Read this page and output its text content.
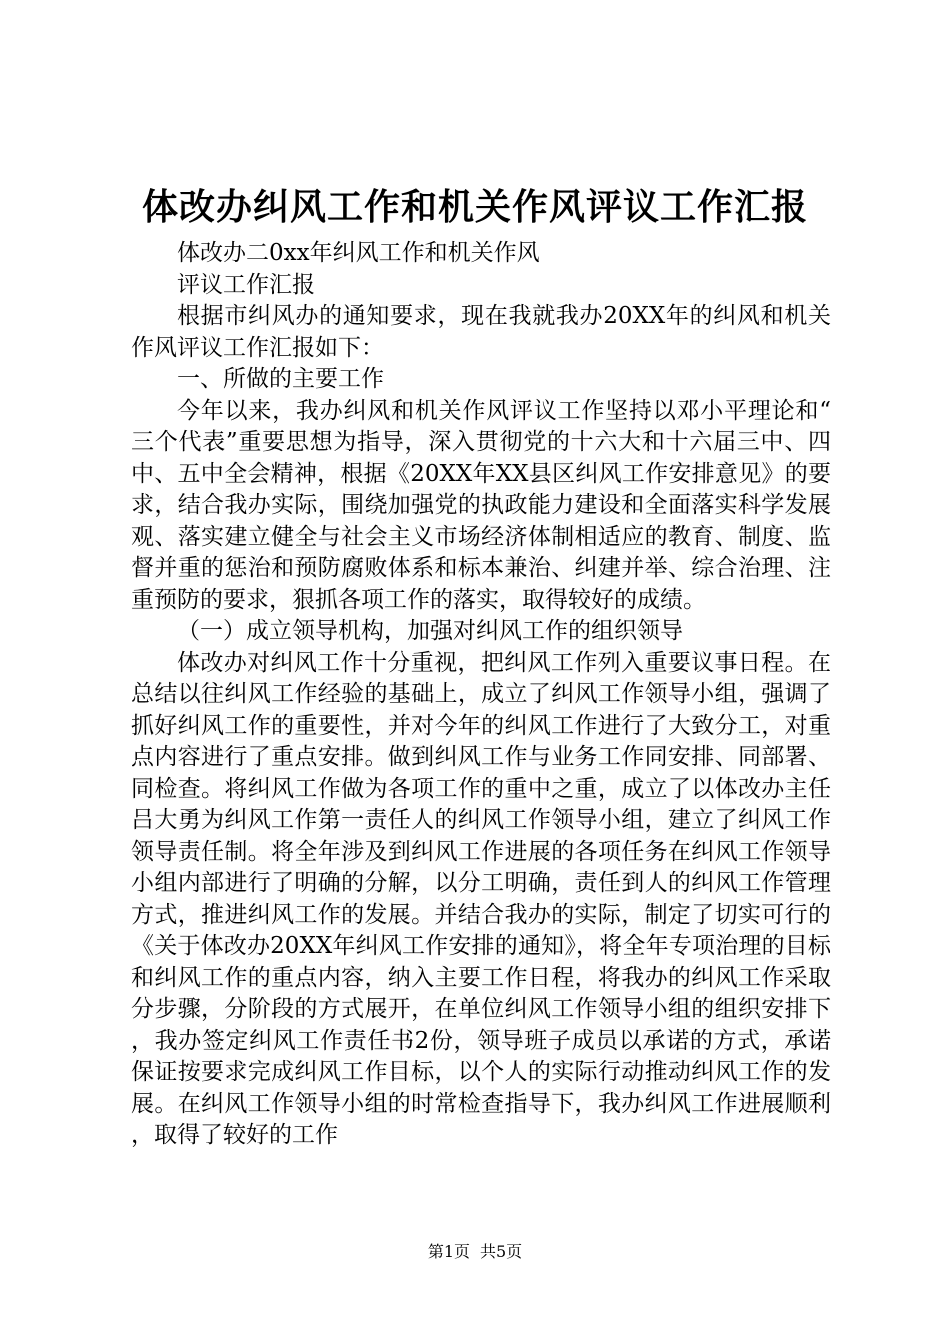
体改办纠风工作和机关作风评议工作汇报

体改办二0xx年纠风工作和机关作风

评议工作汇报

根据市纠风办的通知要求，现在我就我办20XX年的纠风和机关作风评议工作汇报如下：

一、所做的主要工作

今年以来，我办纠风和机关作风评议工作坚持以邓小平理论和“三个代表”重要思想为指导，深入贯彻党的十六大和十六届三中、四中、五中全会精神，根据《20XX年XX县区纠风工作安排意见》的要求，结合我办实际，围绕加强党的执政能力建设和全面落实科学发展观、落实建立健全与社会主义市场经济体制相适应的教育、制度、监督并重的惩治和预防腐败体系和标本兼治、纠建并举、综合治理、注重预防的要求，狠抓各项工作的落实，取得较好的成绩。

（一）成立领导机构，加强对纠风工作的组织领导

体改办对纠风工作十分重视，把纠风工作列入重要议事日程。在总结以往纠风工作经验的基础上，成立了纠风工作领导小组，强调了抓好纠风工作的重要性，并对今年的纠风工作进行了大致分工，对重点内容进行了重点安排。做到纠风工作与业务工作同安排、同部署、同检查。将纠风工作做为各项工作的重中之重，成立了以体改办主任吕大勇为纠风工作第一责任人的纠风工作领导小组，建立了纠风工作领导责任制。将全年涉及到纠风工作进展的各项任务在纠风工作领导小组内部进行了明确的分解，以分工明确，责任到人的纠风工作管理方式，推进纠风工作的发展。并结合我办的实际，制定了切实可行的《关于体改办20XX年纠风工作安排的通知》，将全年专项治理的目标和纠风工作的重点内容，纳入主要工作日程，将我办的纠风工作采取分步骤，分阶段的方式展开，在单位纠风工作领导小组的组织安排下，我办签定纠风工作责任书2份，领导班子成员以承诺的方式，承诺保证按要求完成纠风工作目标，以个人的实际行动推动纠风工作的发展。在纠风工作领导小组的时常检查指导下，我办纠风工作进展顺利，取得了较好的工作

第1页 共5页
